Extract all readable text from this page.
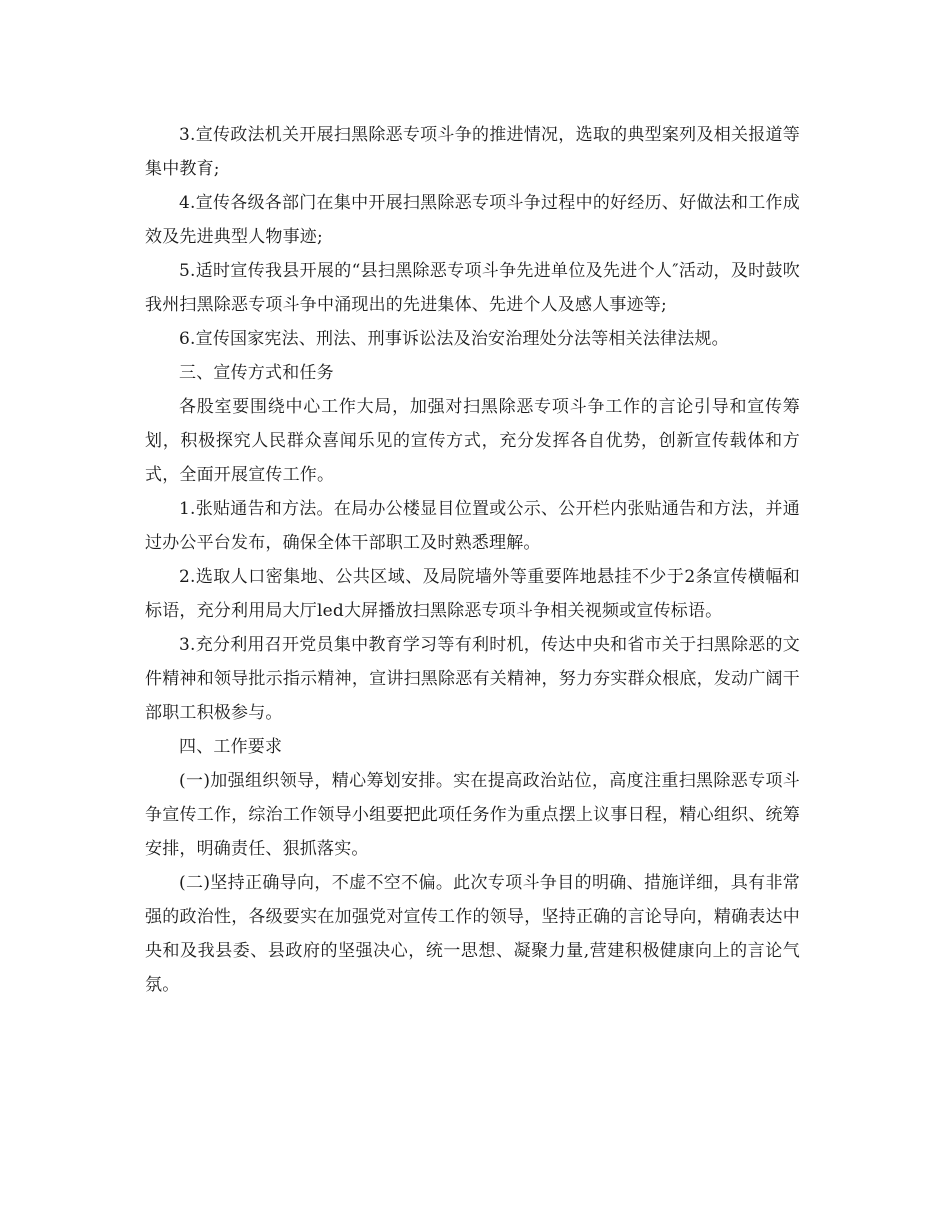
3.宣传政法机关开展扫黑除恶专项斗争的推进情况，选取的典型案列及相关报道等集中教育;

4.宣传各级各部门在集中开展扫黑除恶专项斗争过程中的好经历、好做法和工作成效及先进典型人物事迹;

5.适时宣传我县开展的“县扫黑除恶专项斗争先进单位及先进个人″活动，及时鼓吹我州扫黑除恶专项斗争中涌现出的先进集体、先进个人及感人事迹等;

6.宣传国家宪法、刑法、刑事诉讼法及治安治理处分法等相关法律法规。

三、宣传方式和任务

各股室要围绕中心工作大局，加强对扫黑除恶专项斗争工作的言论引导和宣传筹划，积极探究人民群众喜闻乐见的宣传方式，充分发挥各自优势，创新宣传载体和方式，全面开展宣传工作。

1.张贴通告和方法。在局办公楼显目位置或公示、公开栏内张贴通告和方法，并通过办公平台发布，确保全体干部职工及时熟悉理解。

2.选取人口密集地、公共区域、及局院墙外等重要阵地悬挂不少于2条宣传横幅和标语，充分利用局大厅led大屏播放扫黑除恶专项斗争相关视频或宣传标语。

3.充分利用召开党员集中教育学习等有利时机，传达中央和省市关于扫黑除恶的文件精神和领导批示指示精神，宣讲扫黑除恶有关精神，努力夯实群众根底，发动广阔干部职工积极参与。

四、工作要求

(一)加强组织领导，精心筹划安排。实在提高政治站位，高度注重扫黑除恶专项斗争宣传工作，综治工作领导小组要把此项任务作为重点摆上议事日程，精心组织、统筹安排，明确责任、狠抓落实。

(二)坚持正确导向，不虚不空不偏。此次专项斗争目的明确、措施详细，具有非常强的政治性，各级要实在加强党对宣传工作的领导，坚持正确的言论导向，精确表达中央和及我县委、县政府的坚强决心，统一思想、凝聚力量,营建积极健康向上的言论气氛。
